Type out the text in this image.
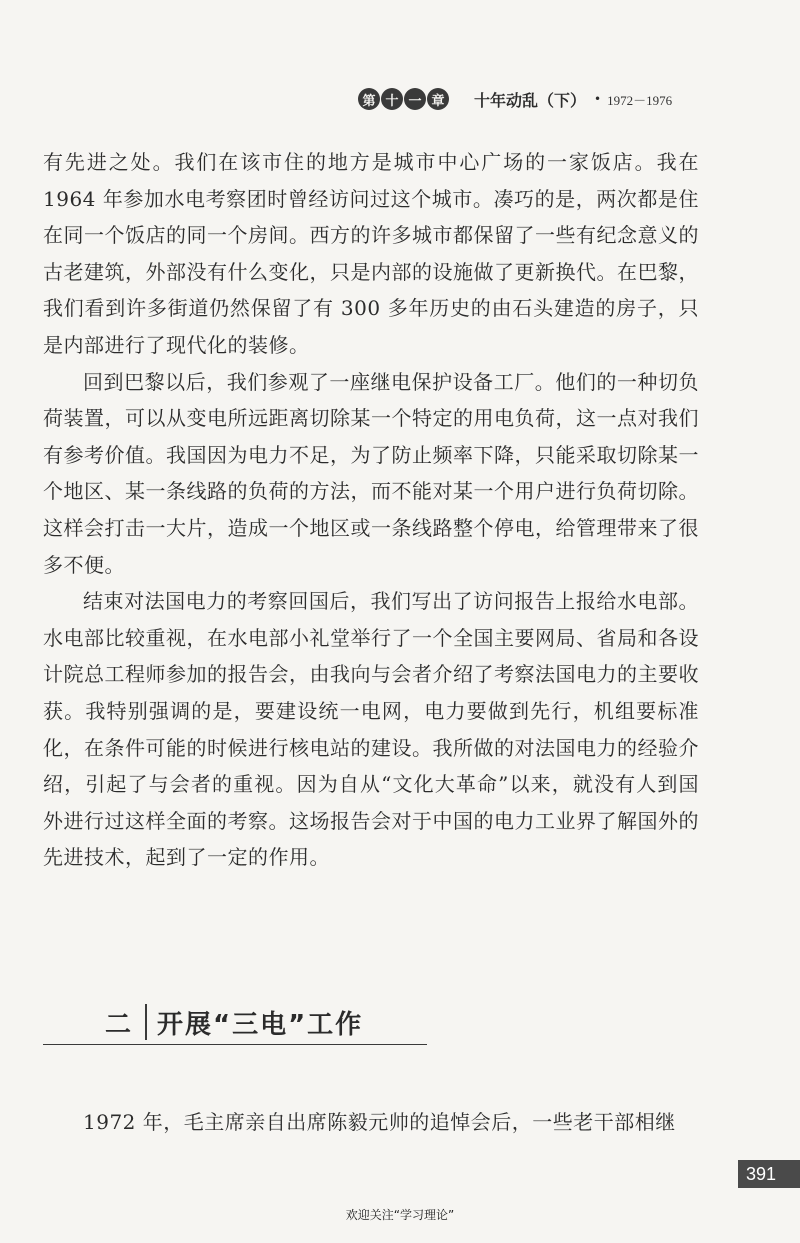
第 十 一 章 十年动乱（下） • 1972－1976

有先进之处。我们在该市住的地方是城市中心广场的一家饭店。我在 1964 年参加水电考察团时曾经访问过这个城市。凑巧的是，两次都是住在同一个饭店的同一个房间。西方的许多城市都保留了一些有纪念意义的古老建筑，外部没有什么变化，只是内部的设施做了更新换代。在巴黎，我们看到许多街道仍然保留了有 300 多年历史的由石头建造的房子，只是内部进行了现代化的装修。

回到巴黎以后，我们参观了一座继电保护设备工厂。他们的一种切负荷装置，可以从变电所远距离切除某一个特定的用电负荷，这一点对我们有参考价值。我国因为电力不足，为了防止频率下降，只能采取切除某一个地区、某一条线路的负荷的方法，而不能对某一个用户进行负荷切除。这样会打击一大片，造成一个地区或一条线路整个停电，给管理带来了很多不便。

结束对法国电力的考察回国后，我们写出了访问报告上报给水电部。水电部比较重视，在水电部小礼堂举行了一个全国主要网局、省局和各设计院总工程师参加的报告会，由我向与会者介绍了考察法国电力的主要收获。我特别强调的是，要建设统一电网，电力要做到先行，机组要标准化，在条件可能的时候进行核电站的建设。我所做的对法国电力的经验介绍，引起了与会者的重视。因为自从“文化大革命”以来，就没有人到国外进行过这样全面的考察。这场报告会对于中国的电力工业界了解国外的先进技术，起到了一定的作用。

二 开展“三电”工作

1972 年，毛主席亲自出席陈毅元帅的追悼会后，一些老干部相继

391
欢迎关注“学习理论”
